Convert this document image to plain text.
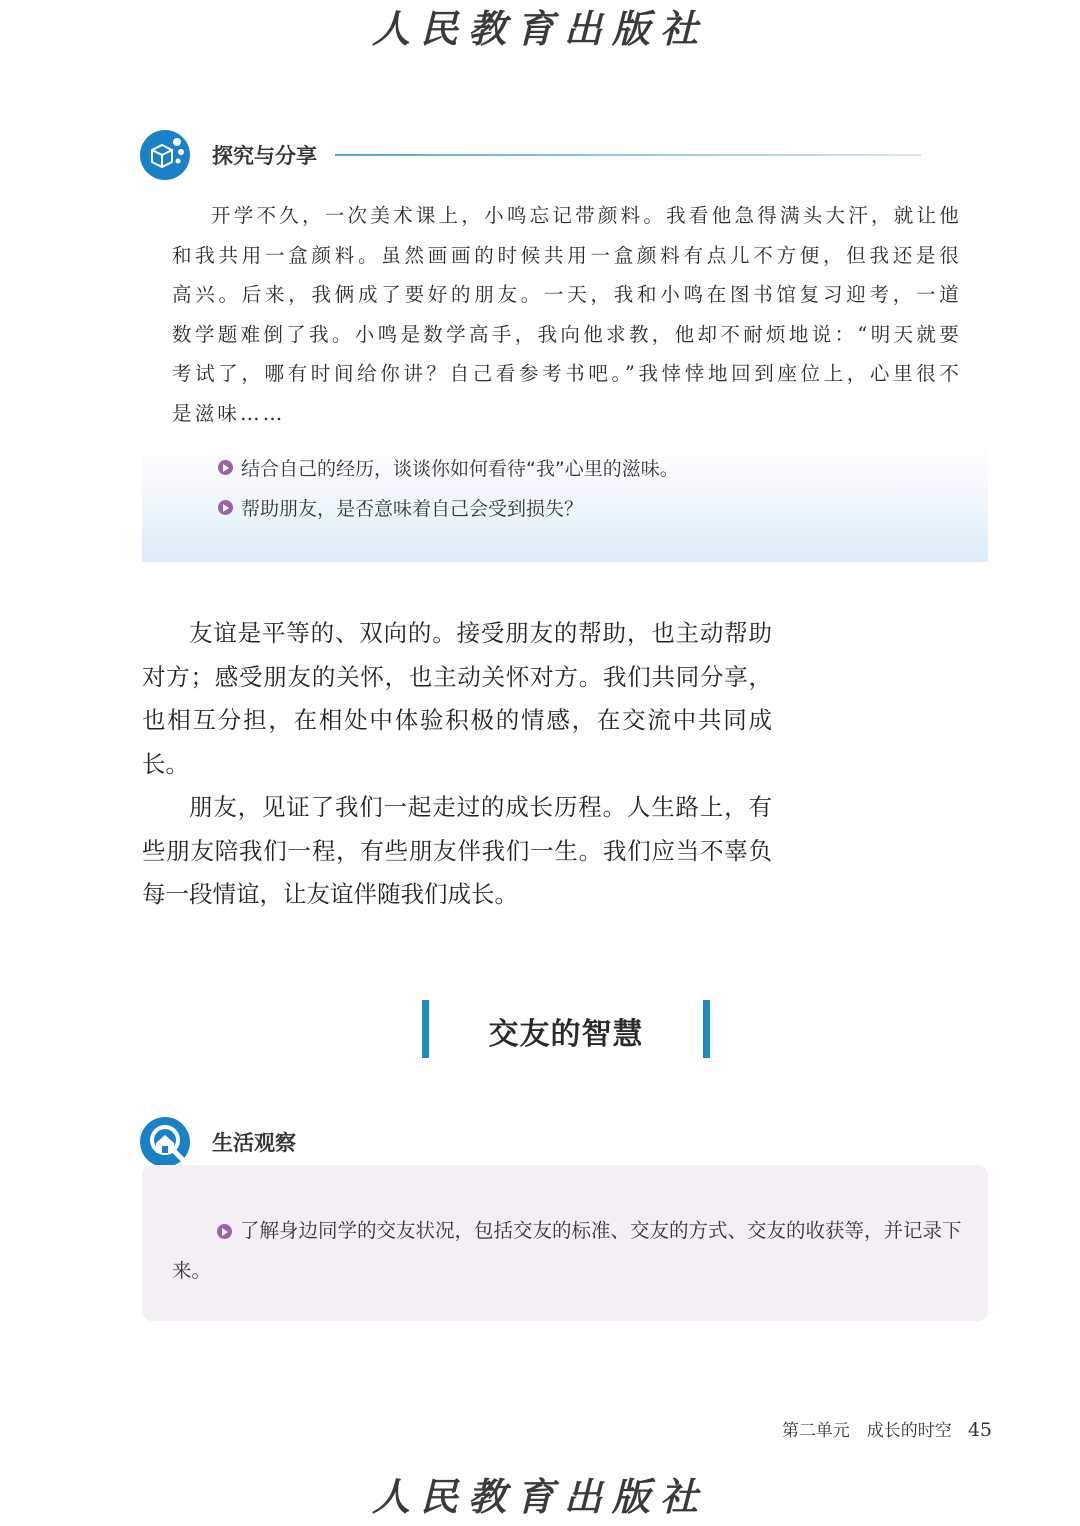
人民教育出版社
探究与分享
开学不久，一次美术课上，小鸣忘记带颜料。我看他急得满头大汗，就让他和我共用一盒颜料。虽然画画的时候共用一盒颜料有点儿不方便，但我还是很高兴。后来，我俩成了要好的朋友。一天，我和小鸣在图书馆复习迎考，一道数学题难倒了我。小鸣是数学高手，我向他求教，他却不耐烦地说：“明天就要考试了，哪有时间给你讲？自己看参考书吧。”我悻悻地回到座位上，心里很不是滋味……
结合自己的经历，谈谈你如何看待“我”心里的滋味。
帮助朋友，是否意味着自己会受到损失？

友谊是平等的、双向的。接受朋友的帮助，也主动帮助对方；感受朋友的关怀，也主动关怀对方。我们共同分享，也相互分担，在相处中体验积极的情感，在交流中共同成长。

朋友，见证了我们一起走过的成长历程。人生路上，有些朋友陪我们一程，有些朋友伴我们一生。我们应当不辜负每一段情谊，让友谊伴随我们成长。

交友的智慧
生活观察
了解身边同学的交友状况，包括交友的标准、交友的方式、交友的收获等，并记录下来。
第二单元　成长的时空 45
人民教育出版社
